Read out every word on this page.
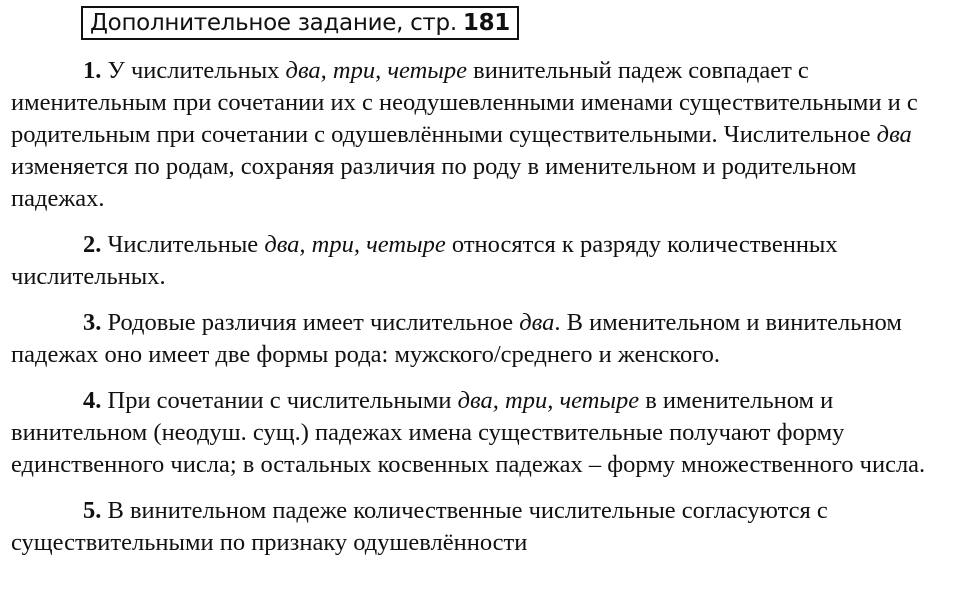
Дополнительное задание, стр. 181

1. У числительных два, три, четыре винительный падеж совпадает с именительным при сочетании их с неодушевленными именами существительными и с родительным при сочетании с одушевлёнными существительными. Числительное два изменяется по родам, сохраняя различия по роду в именительном и родительном падежах.

2. Числительные два, три, четыре относятся к разряду количественных числительных.

3. Родовые различия имеет числительное два. В именительном и винительном падежах оно имеет две формы рода: мужского/среднего и женского.

4. При сочетании с числительными два, три, четыре в именительном и винительном (неодуш. сущ.) падежах имена существительные получают форму единственного числа; в остальных косвенных падежах – форму множественного числа.

5. В винительном падеже количественные числительные согласуются с существительными по признаку одушевлённости
